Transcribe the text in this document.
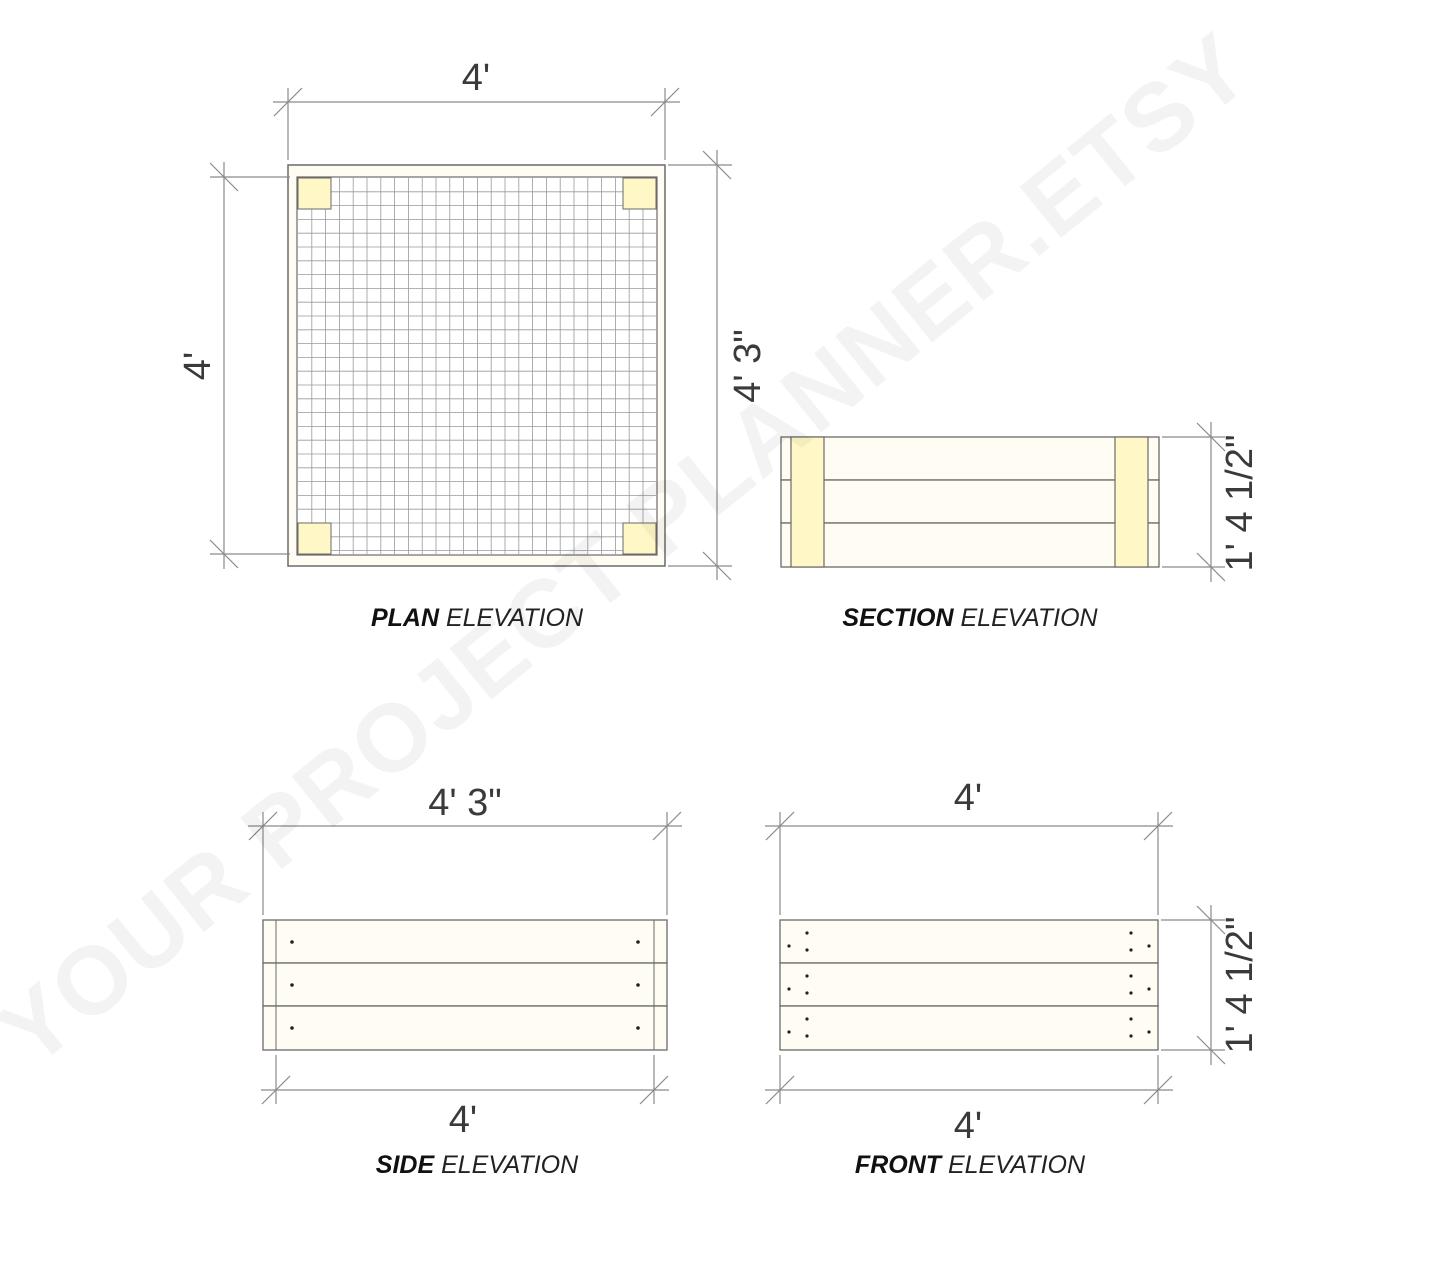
4'
4'	4' 3"
PLAN ELEVATION
1' 4 1/2"
SECTION ELEVATION
4' 3"
4'
SIDE ELEVATION
4'
4'
1' 4 1/2"
FRONT ELEVATION
